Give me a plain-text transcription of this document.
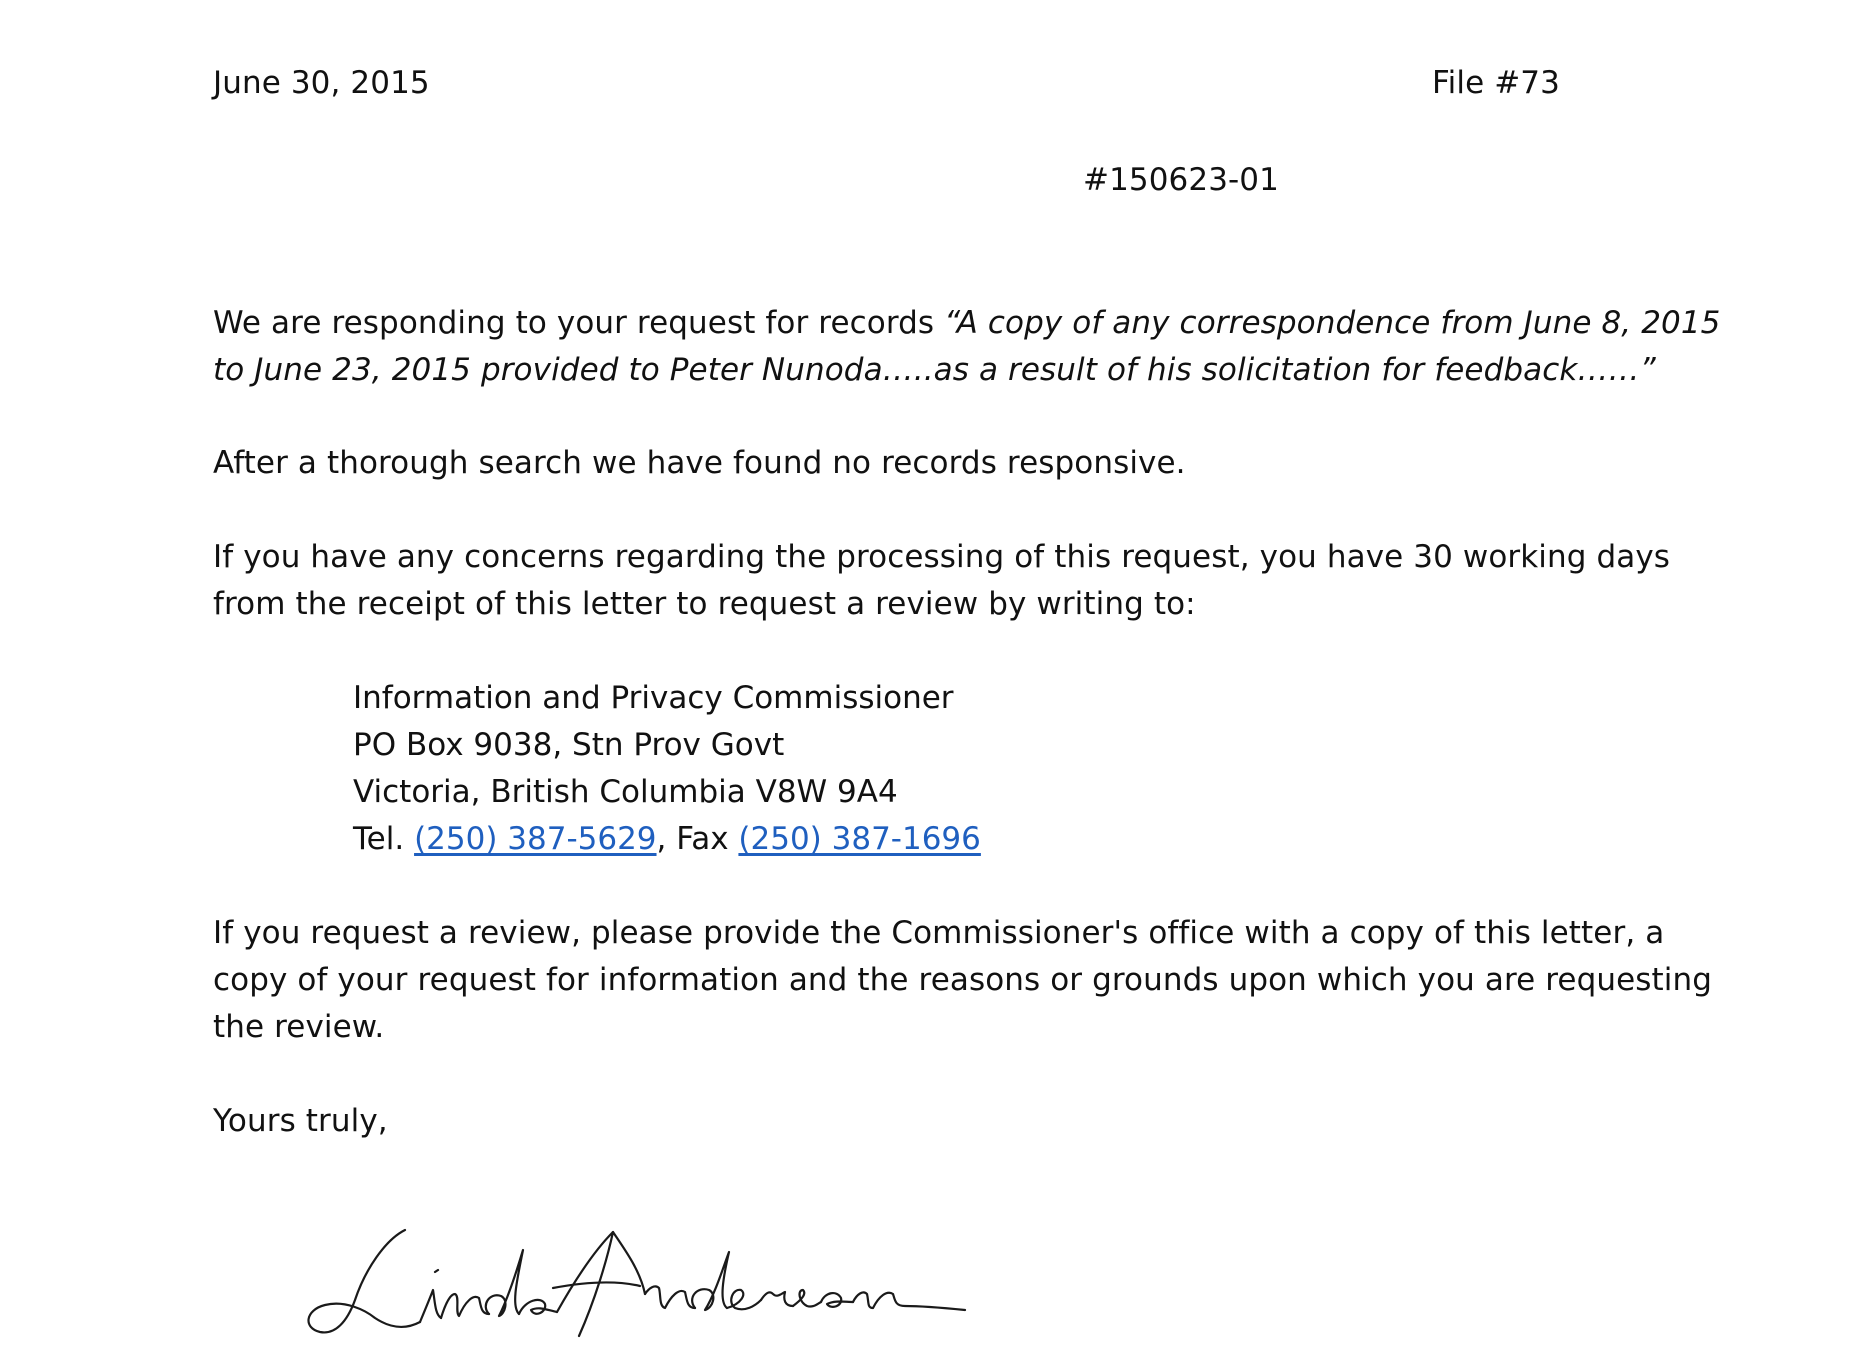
June 30, 2015	File #73
#150623-01

We are responding to your request for records “A copy of any correspondence from June 8, 2015

to June 23, 2015 provided to Peter Nunoda…..as a result of his solicitation for feedback……”

After a thorough search we have found no records responsive.

If you have any concerns regarding the processing of this request, you have 30 working days

from the receipt of this letter to request a review by writing to:

Information and Privacy Commissioner
PO Box 9038, Stn Prov Govt
Victoria, British Columbia V8W 9A4
Tel. (250) 387-5629, Fax (250) 387-1696

If you request a review, please provide the Commissioner's office with a copy of this letter, a

copy of your request for information and the reasons or grounds upon which you are requesting

the review.

Yours truly,
